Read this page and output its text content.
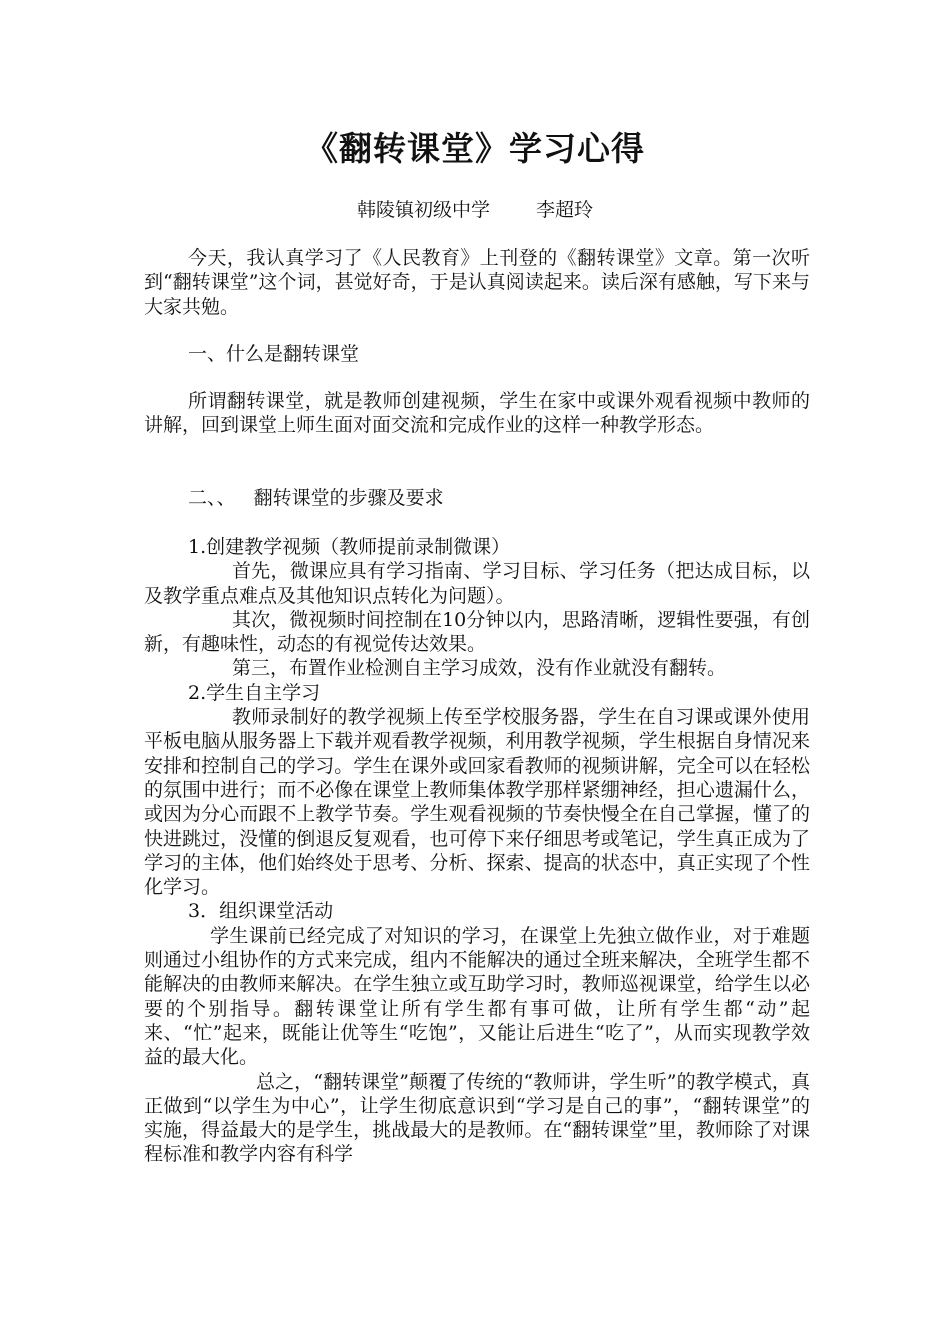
《翻转课堂》学习心得
韩陵镇初级中学 李超玲

今天，我认真学习了《人民教育》上刊登的《翻转课堂》文章。第一次听到“翻转课堂”这个词，甚觉好奇，于是认真阅读起来。读后深有感触，写下来与大家共勉。

一、什么是翻转课堂

所谓翻转课堂，就是教师创建视频，学生在家中或课外观看视频中教师的讲解，回到课堂上师生面对面交流和完成作业的这样一种教学形态。

二、、   翻转课堂的步骤及要求

1.创建教学视频（教师提前录制微课）

首先，微课应具有学习指南、学习目标、学习任务（把达成目标，以及教学重点难点及其他知识点转化为问题）。

其次，微视频时间控制在10分钟以内，思路清晰，逻辑性要强，有创新，有趣味性，动态的有视觉传达效果。

第三，布置作业检测自主学习成效，没有作业就没有翻转。

2.学生自主学习

教师录制好的教学视频上传至学校服务器，学生在自习课或课外使用平板电脑从服务器上下载并观看教学视频，利用教学视频，学生根据自身情况来安排和控制自己的学习。学生在课外或回家看教师的视频讲解，完全可以在轻松的氛围中进行；而不必像在课堂上教师集体教学那样紧绷神经，担心遗漏什么，或因为分心而跟不上教学节奏。学生观看视频的节奏快慢全在自己掌握，懂了的快进跳过，没懂的倒退反复观看，也可停下来仔细思考或笔记，学生真正成为了学习的主体，他们始终处于思考、分析、探索、提高的状态中，真正实现了个性化学习。

3．组织课堂活动

学生课前已经完成了对知识的学习，在课堂上先独立做作业，对于难题则通过小组协作的方式来完成，组内不能解决的通过全班来解决，全班学生都不能解决的由教师来解决。在学生独立或互助学习时，教师巡视课堂，给学生以必要的个别指导。翻转课堂让所有学生都有事可做，让所有学生都“动”起来、“忙”起来，既能让优等生“吃饱”，又能让后进生“吃了”，从而实现教学效益的最大化。

总之，“翻转课堂”颠覆了传统的“教师讲，学生听”的教学模式，真正做到“以学生为中心”，让学生彻底意识到“学习是自己的事”，“翻转课堂”的实施，得益最大的是学生，挑战最大的是教师。在“翻转课堂”里，教师除了对课程标准和教学内容有科学
